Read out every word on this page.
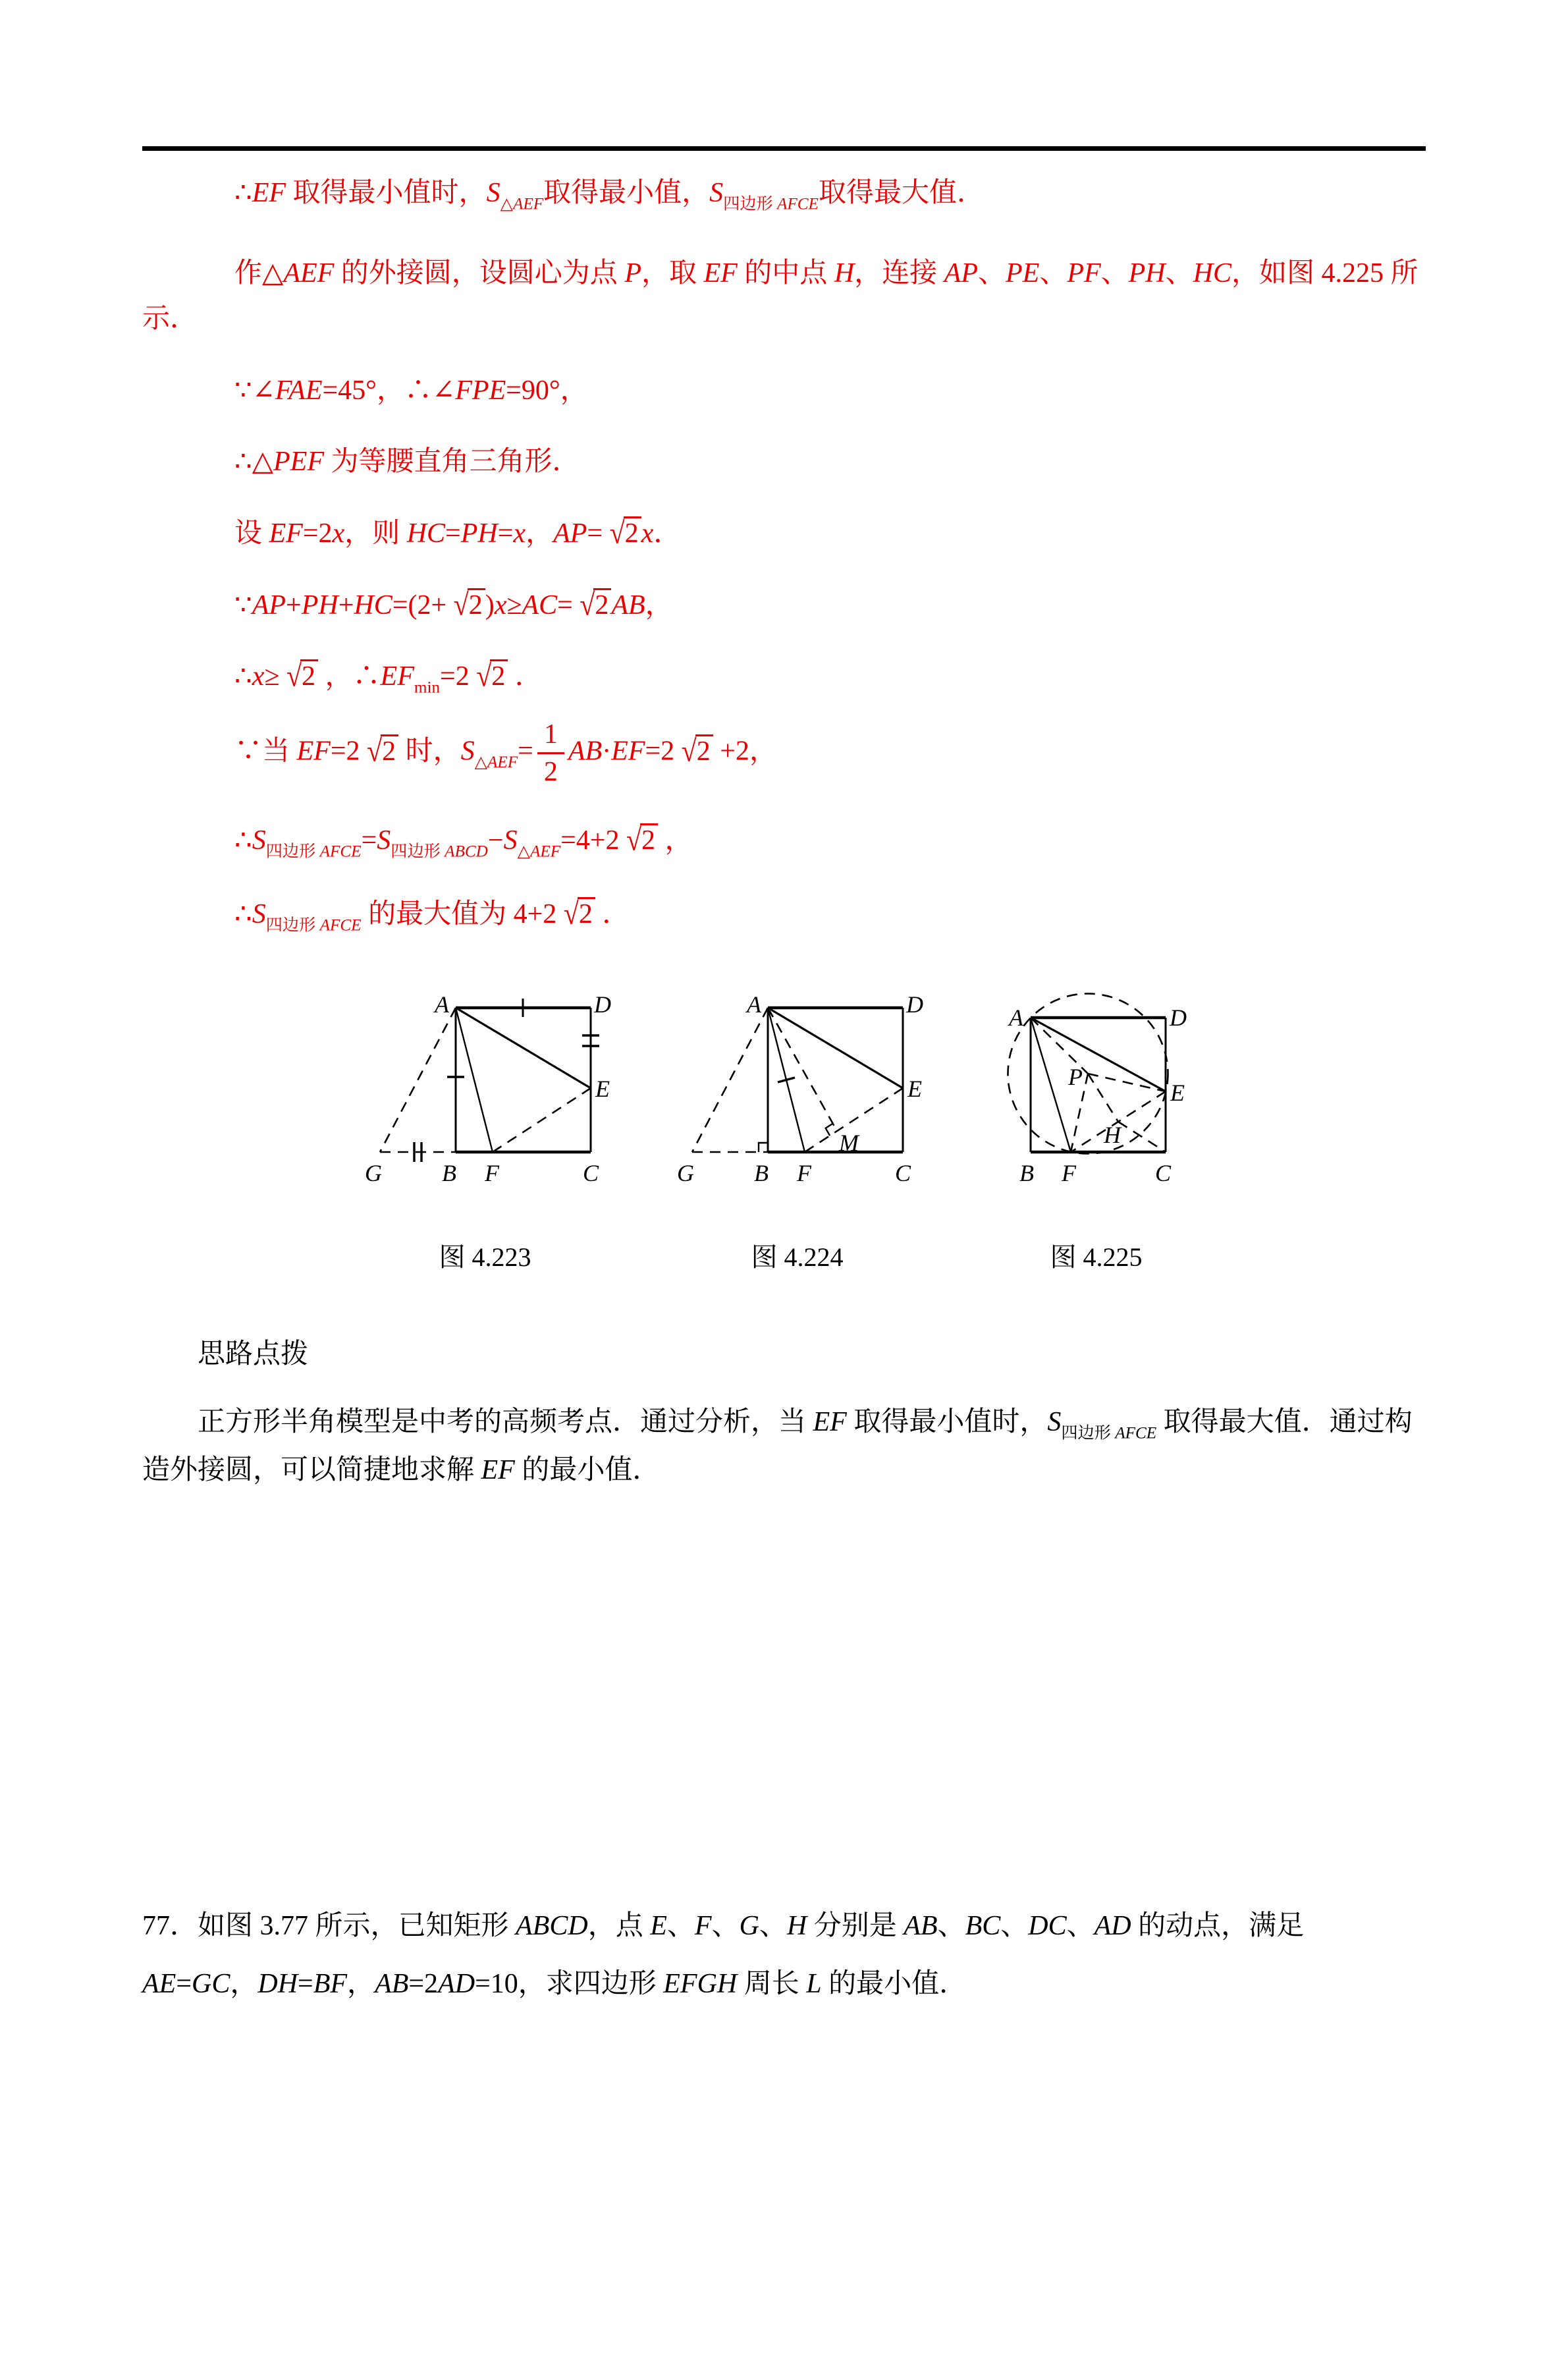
∴EF 取得最小值时，$S_{\triangle AEF}$取得最小值，$S_{四边形 AFCE}$取得最大值．
作△AEF 的外接圆，设圆心为点 P，取 EF 的中点 H，连接 AP、PE、PF、PH、HC，如图 4.225 所
示．
∵∠FAE=45°，∴∠FPE=90°，
∴△PEF 为等腰直角三角形．
设 EF=2x，则 HC=PH=x，AP= √2x．
∵AP+PH+HC=(2+ √2)x≥AC= √2AB，
∴x≥ √2 ，$\therefore EF_{min}=2$ √2 ．
∵当 EF=2 √2 时，$S_{\triangle AEF}= \frac{1}{2} AB\cdot EF=2$ √2 +2，
$\therefore S_{四边形 AFCE}=S_{四边形 ABCD}-S_{\triangle AEF}=4+2$ √2 ，
$\therefore S_{四边形 AFCE}$ 的最大值为 4+2 √2 ．
A	D
B F	C
G
E
图 4.223
A	D
B F	C
G
E
M
图 4.224
A	D
B F	C
E
P
H
图 4.225
思路点拨
正方形半角模型是中考的高频考点．通过分析，当 EF 取得最小值时，$S_{四边形 AFCE}$ 取得最大值．通过构造外接圆，可以简捷地求解 EF 的最小值．
77．如图 3.77 所示，已知矩形 ABCD，点 E、F、G、H 分别是 AB、BC、DC、AD 的动点，满足 AE=GC，DH=BF，AB=2AD=10，求四边形 EFGH 周长 L 的最小值．
